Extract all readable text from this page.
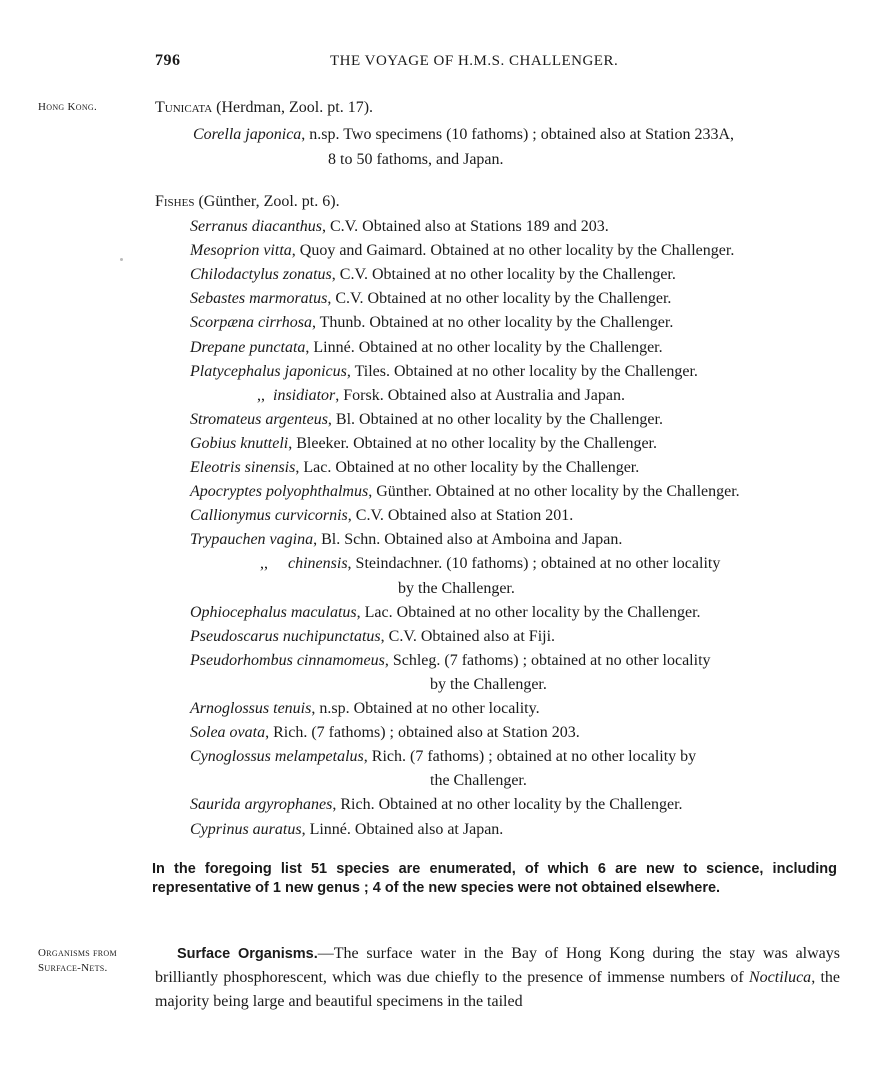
796	THE VOYAGE OF H.M.S. CHALLENGER.
Hong Kong.
Organisms from
Surface-Nets.
Tunicata (Herdman, Zool. pt. 17).
Corella japonica, n.sp. Two specimens (10 fathoms) ; obtained also at Station 233A,
8 to 50 fathoms, and Japan.
Fishes (Günther, Zool. pt. 6).
Serranus diacanthus, C.V. Obtained also at Stations 189 and 203.
Mesoprion vitta, Quoy and Gaimard. Obtained at no other locality by the Challenger.
Chilodactylus zonatus, C.V. Obtained at no other locality by the Challenger.
Sebastes marmoratus, C.V. Obtained at no other locality by the Challenger.
Scorpæna cirrhosa, Thunb. Obtained at no other locality by the Challenger.
Drepane punctata, Linné. Obtained at no other locality by the Challenger.
Platycephalus japonicus, Tiles. Obtained at no other locality by the Challenger.
,, insidiator, Forsk. Obtained also at Australia and Japan.
Stromateus argenteus, Bl. Obtained at no other locality by the Challenger.
Gobius knutteli, Bleeker. Obtained at no other locality by the Challenger.
Eleotris sinensis, Lac. Obtained at no other locality by the Challenger.
Apocryptes polyophthalmus, Günther. Obtained at no other locality by the Challenger.
Callionymus curvicornis, C.V. Obtained also at Station 201.
Trypauchen vagina, Bl. Schn. Obtained also at Amboina and Japan.
,, chinensis, Steindachner. (10 fathoms) ; obtained at no other locality
by the Challenger.
Ophiocephalus maculatus, Lac. Obtained at no other locality by the Challenger.
Pseudoscarus nuchipunctatus, C.V. Obtained also at Fiji.
Pseudorhombus cinnamomeus, Schleg. (7 fathoms) ; obtained at no other locality
by the Challenger.
Arnoglossus tenuis, n.sp. Obtained at no other locality.
Solea ovata, Rich. (7 fathoms) ; obtained also at Station 203.
Cynoglossus melampetalus, Rich. (7 fathoms) ; obtained at no other locality by
the Challenger.
Saurida argyrophanes, Rich. Obtained at no other locality by the Challenger.
Cyprinus auratus, Linné. Obtained also at Japan.
In the foregoing list 51 species are enumerated, of which 6 are new to science, including representative of 1 new genus ; 4 of the new species were not obtained elsewhere.
Surface Organisms.—The surface water in the Bay of Hong Kong during the stay was always brilliantly phosphorescent, which was due chiefly to the presence of immense numbers of Noctiluca, the majority being large and beautiful specimens in the tailed
